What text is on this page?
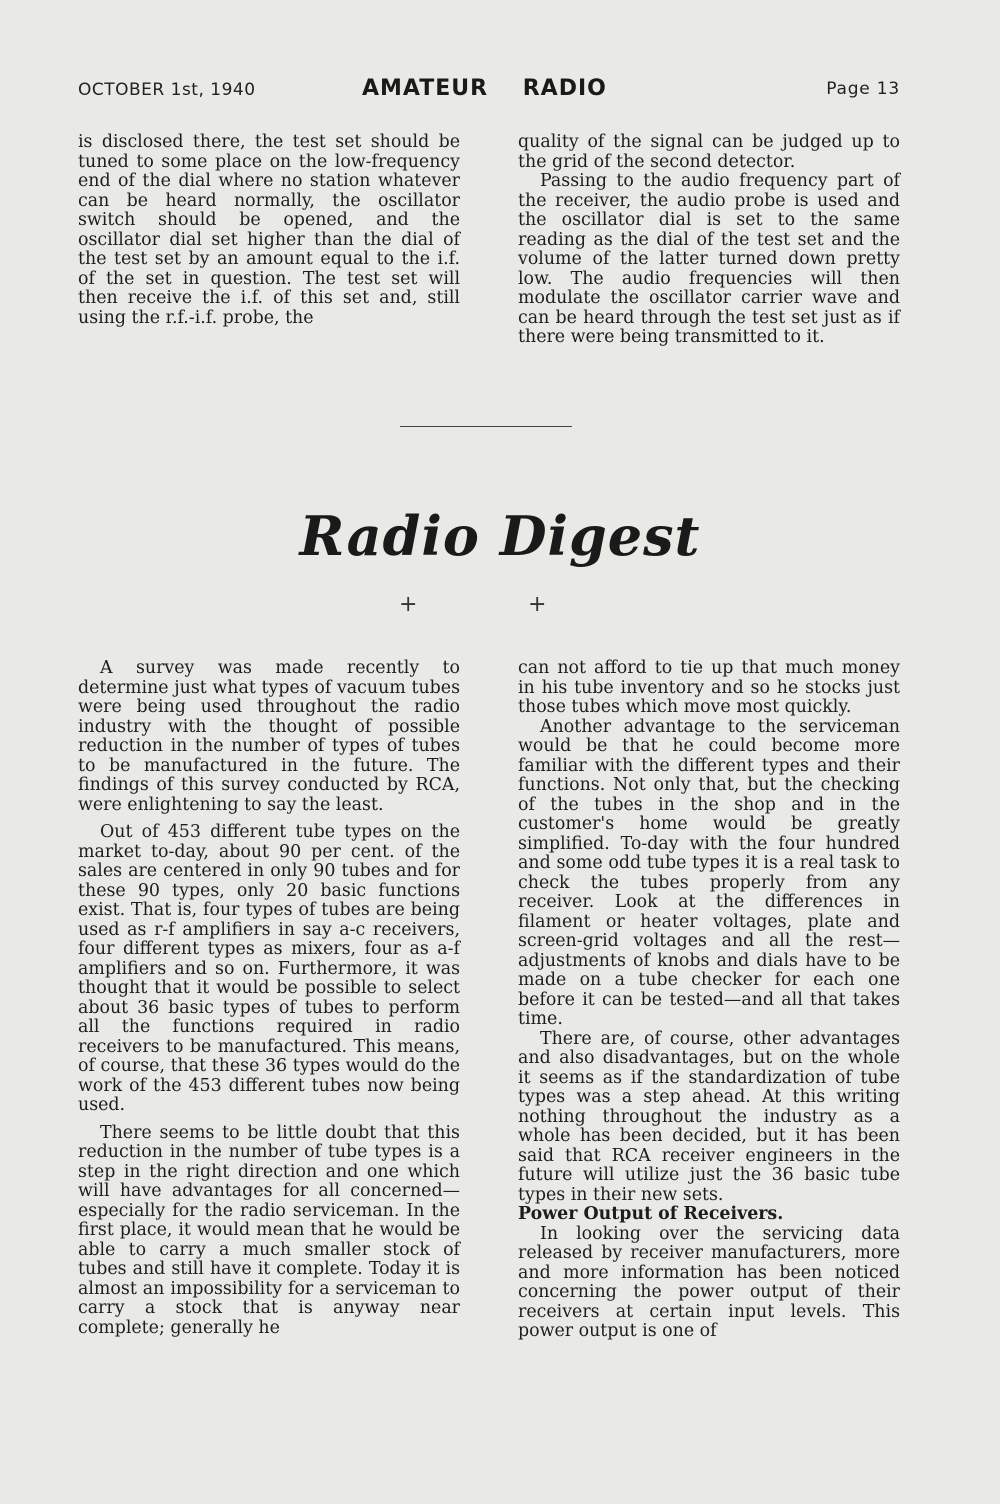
OCTOBER 1st, 1940	AMATEUR RADIO	Page 13

is disclosed there, the test set should be tuned to some place on the low-frequency end of the dial where no station whatever can be heard normally, the oscillator switch should be opened, and the oscillator dial set higher than the dial of the test set by an amount equal to the i.f. of the set in question. The test set will then receive the i.f. of this set and, still using the r.f.-i.f. probe, the

quality of the signal can be judged up to the grid of the second detector.

Passing to the audio frequency part of the receiver, the audio probe is used and the oscillator dial is set to the same reading as the dial of the test set and the volume of the latter turned down pretty low. The audio frequencies will then modulate the oscillator carrier wave and can be heard through the test set just as if there were being transmitted to it.

Radio Digest
+	+

A survey was made recently to determine just what types of vacuum tubes were being used throughout the radio industry with the thought of possible reduction in the number of types of tubes to be manufactured in the future. The findings of this survey conducted by RCA, were enlightening to say the least.

Out of 453 different tube types on the market to-day, about 90 per cent. of the sales are centered in only 90 tubes and for these 90 types, only 20 basic functions exist. That is, four types of tubes are being used as r-f amplifiers in say a-c receivers, four different types as mixers, four as a-f amplifiers and so on. Furthermore, it was thought that it would be possible to select about 36 basic types of tubes to perform all the functions required in radio receivers to be manufactured. This means, of course, that these 36 types would do the work of the 453 different tubes now being used.

There seems to be little doubt that this reduction in the number of tube types is a step in the right direction and one which will have advantages for all concerned—especially for the radio serviceman. In the first place, it would mean that he would be able to carry a much smaller stock of tubes and still have it complete. Today it is almost an impossibility for a serviceman to carry a stock that is anyway near complete; generally he

can not afford to tie up that much money in his tube inventory and so he stocks just those tubes which move most quickly.

Another advantage to the serviceman would be that he could become more familiar with the different types and their functions. Not only that, but the checking of the tubes in the shop and in the customer's home would be greatly simplified. To-day with the four hundred and some odd tube types it is a real task to check the tubes properly from any receiver. Look at the differences in filament or heater voltages, plate and screen-grid voltages and all the rest—adjustments of knobs and dials have to be made on a tube checker for each one before it can be tested—and all that takes time.

There are, of course, other advantages and also disadvantages, but on the whole it seems as if the standardization of tube types was a step ahead. At this writing nothing throughout the industry as a whole has been decided, but it has been said that RCA receiver engineers in the future will utilize just the 36 basic tube types in their new sets.

Power Output of Receivers.

In looking over the servicing data released by receiver manufacturers, more and more information has been noticed concerning the power output of their receivers at certain input levels. This power output is one of
